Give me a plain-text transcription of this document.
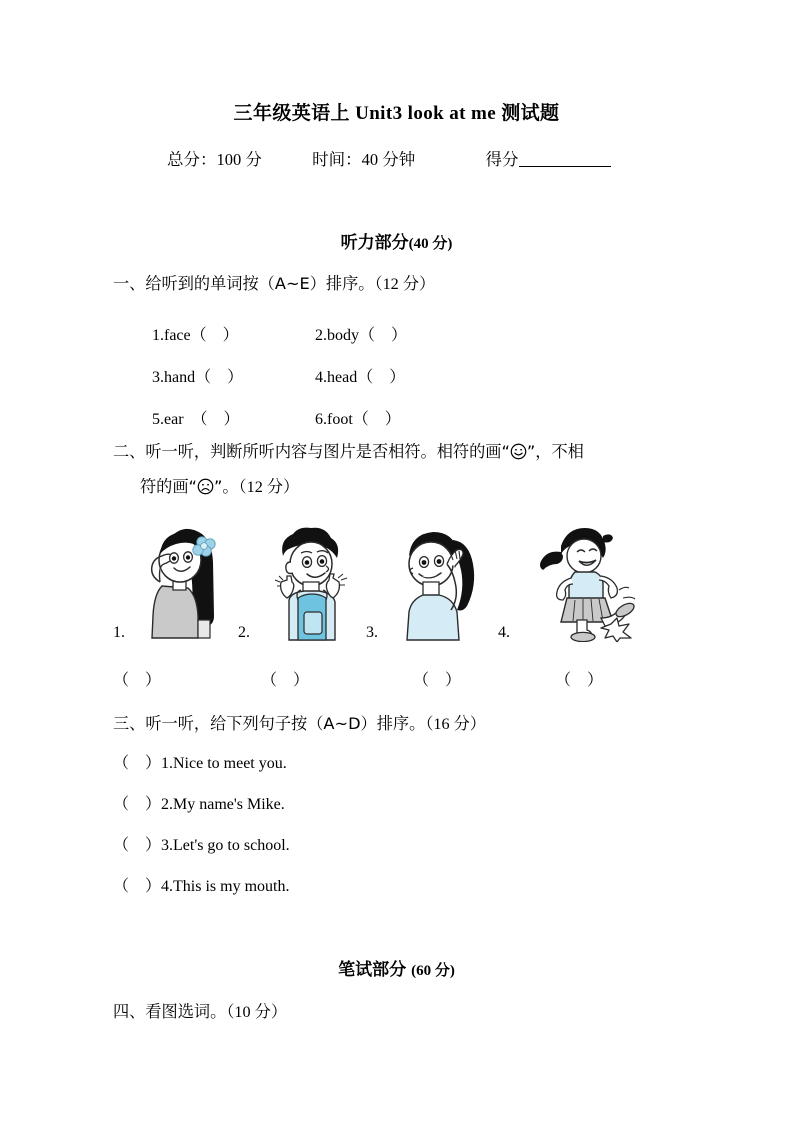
三年级英语上 Unit3 look at me 测试题
总分：100 分	时间：40 分钟	得分
听力部分(40 分)
一、给听到的单词按（A~E）排序。（12 分）
1.face（    ）	2.body（    ）
3.hand（    ）	4.head（    ）
5.ear  （    ）	6.foot（    ）
二、听一听，判断所听内容与图片是否相符。相符的画“ ”，不相
符的画“ ”。（12 分）
1.	2.	3.	4.
（    ）	（    ）	（    ）	（    ）
三、听一听，给下列句子按（A~D）排序。（16 分）
（    ）1.Nice to meet you.
（    ）2.My name's Mike.
（    ）3.Let's go to school.
（    ）4.This is my mouth.
笔试部分 (60 分)
四、看图选词。（10 分）
